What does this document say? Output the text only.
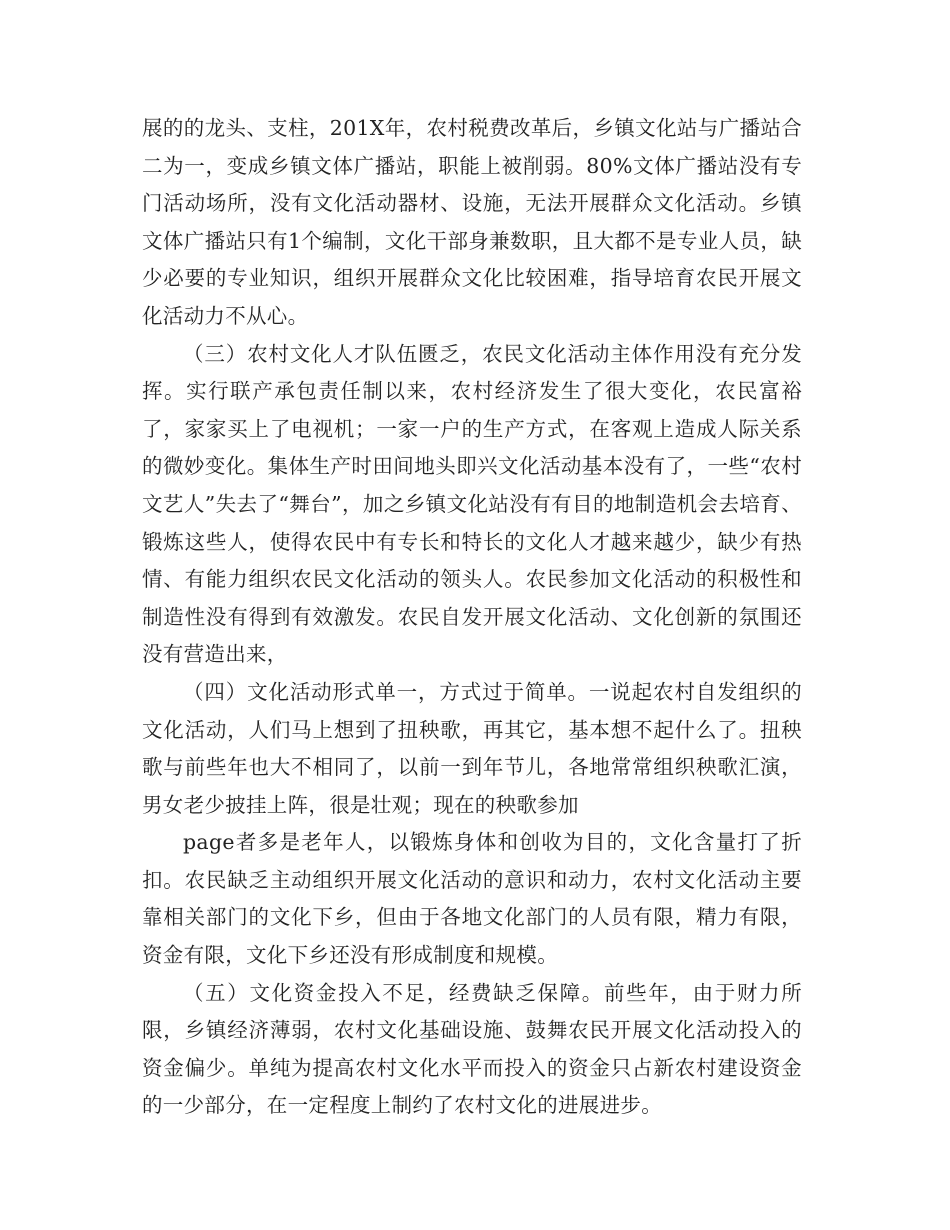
展的的龙头、支柱，201X年，农村税费改革后，乡镇文化站与广播站合二为一，变成乡镇文体广播站，职能上被削弱。80%文体广播站没有专门活动场所，没有文化活动器材、设施，无法开展群众文化活动。乡镇文体广播站只有1个编制，文化干部身兼数职，且大都不是专业人员，缺少必要的专业知识，组织开展群众文化比较困难，指导培育农民开展文化活动力不从心。

（三）农村文化人才队伍匮乏，农民文化活动主体作用没有充分发挥。实行联产承包责任制以来，农村经济发生了很大变化，农民富裕了，家家买上了电视机；一家一户的生产方式，在客观上造成人际关系的微妙变化。集体生产时田间地头即兴文化活动基本没有了，一些“农村文艺人”失去了“舞台”，加之乡镇文化站没有有目的地制造机会去培育、锻炼这些人，使得农民中有专长和特长的文化人才越来越少，缺少有热情、有能力组织农民文化活动的领头人。农民参加文化活动的积极性和制造性没有得到有效激发。农民自发开展文化活动、文化创新的氛围还没有营造出来，

（四）文化活动形式单一，方式过于简单。一说起农村自发组织的文化活动，人们马上想到了扭秧歌，再其它，基本想不起什么了。扭秧歌与前些年也大不相同了，以前一到年节儿，各地常常组织秧歌汇演，男女老少披挂上阵，很是壮观；现在的秧歌参加

page者多是老年人，以锻炼身体和创收为目的，文化含量打了折扣。农民缺乏主动组织开展文化活动的意识和动力，农村文化活动主要靠相关部门的文化下乡，但由于各地文化部门的人员有限，精力有限，资金有限，文化下乡还没有形成制度和规模。

（五）文化资金投入不足，经费缺乏保障。前些年，由于财力所限，乡镇经济薄弱，农村文化基础设施、鼓舞农民开展文化活动投入的资金偏少。单纯为提高农村文化水平而投入的资金只占新农村建设资金的一少部分，在一定程度上制约了农村文化的进展进步。
